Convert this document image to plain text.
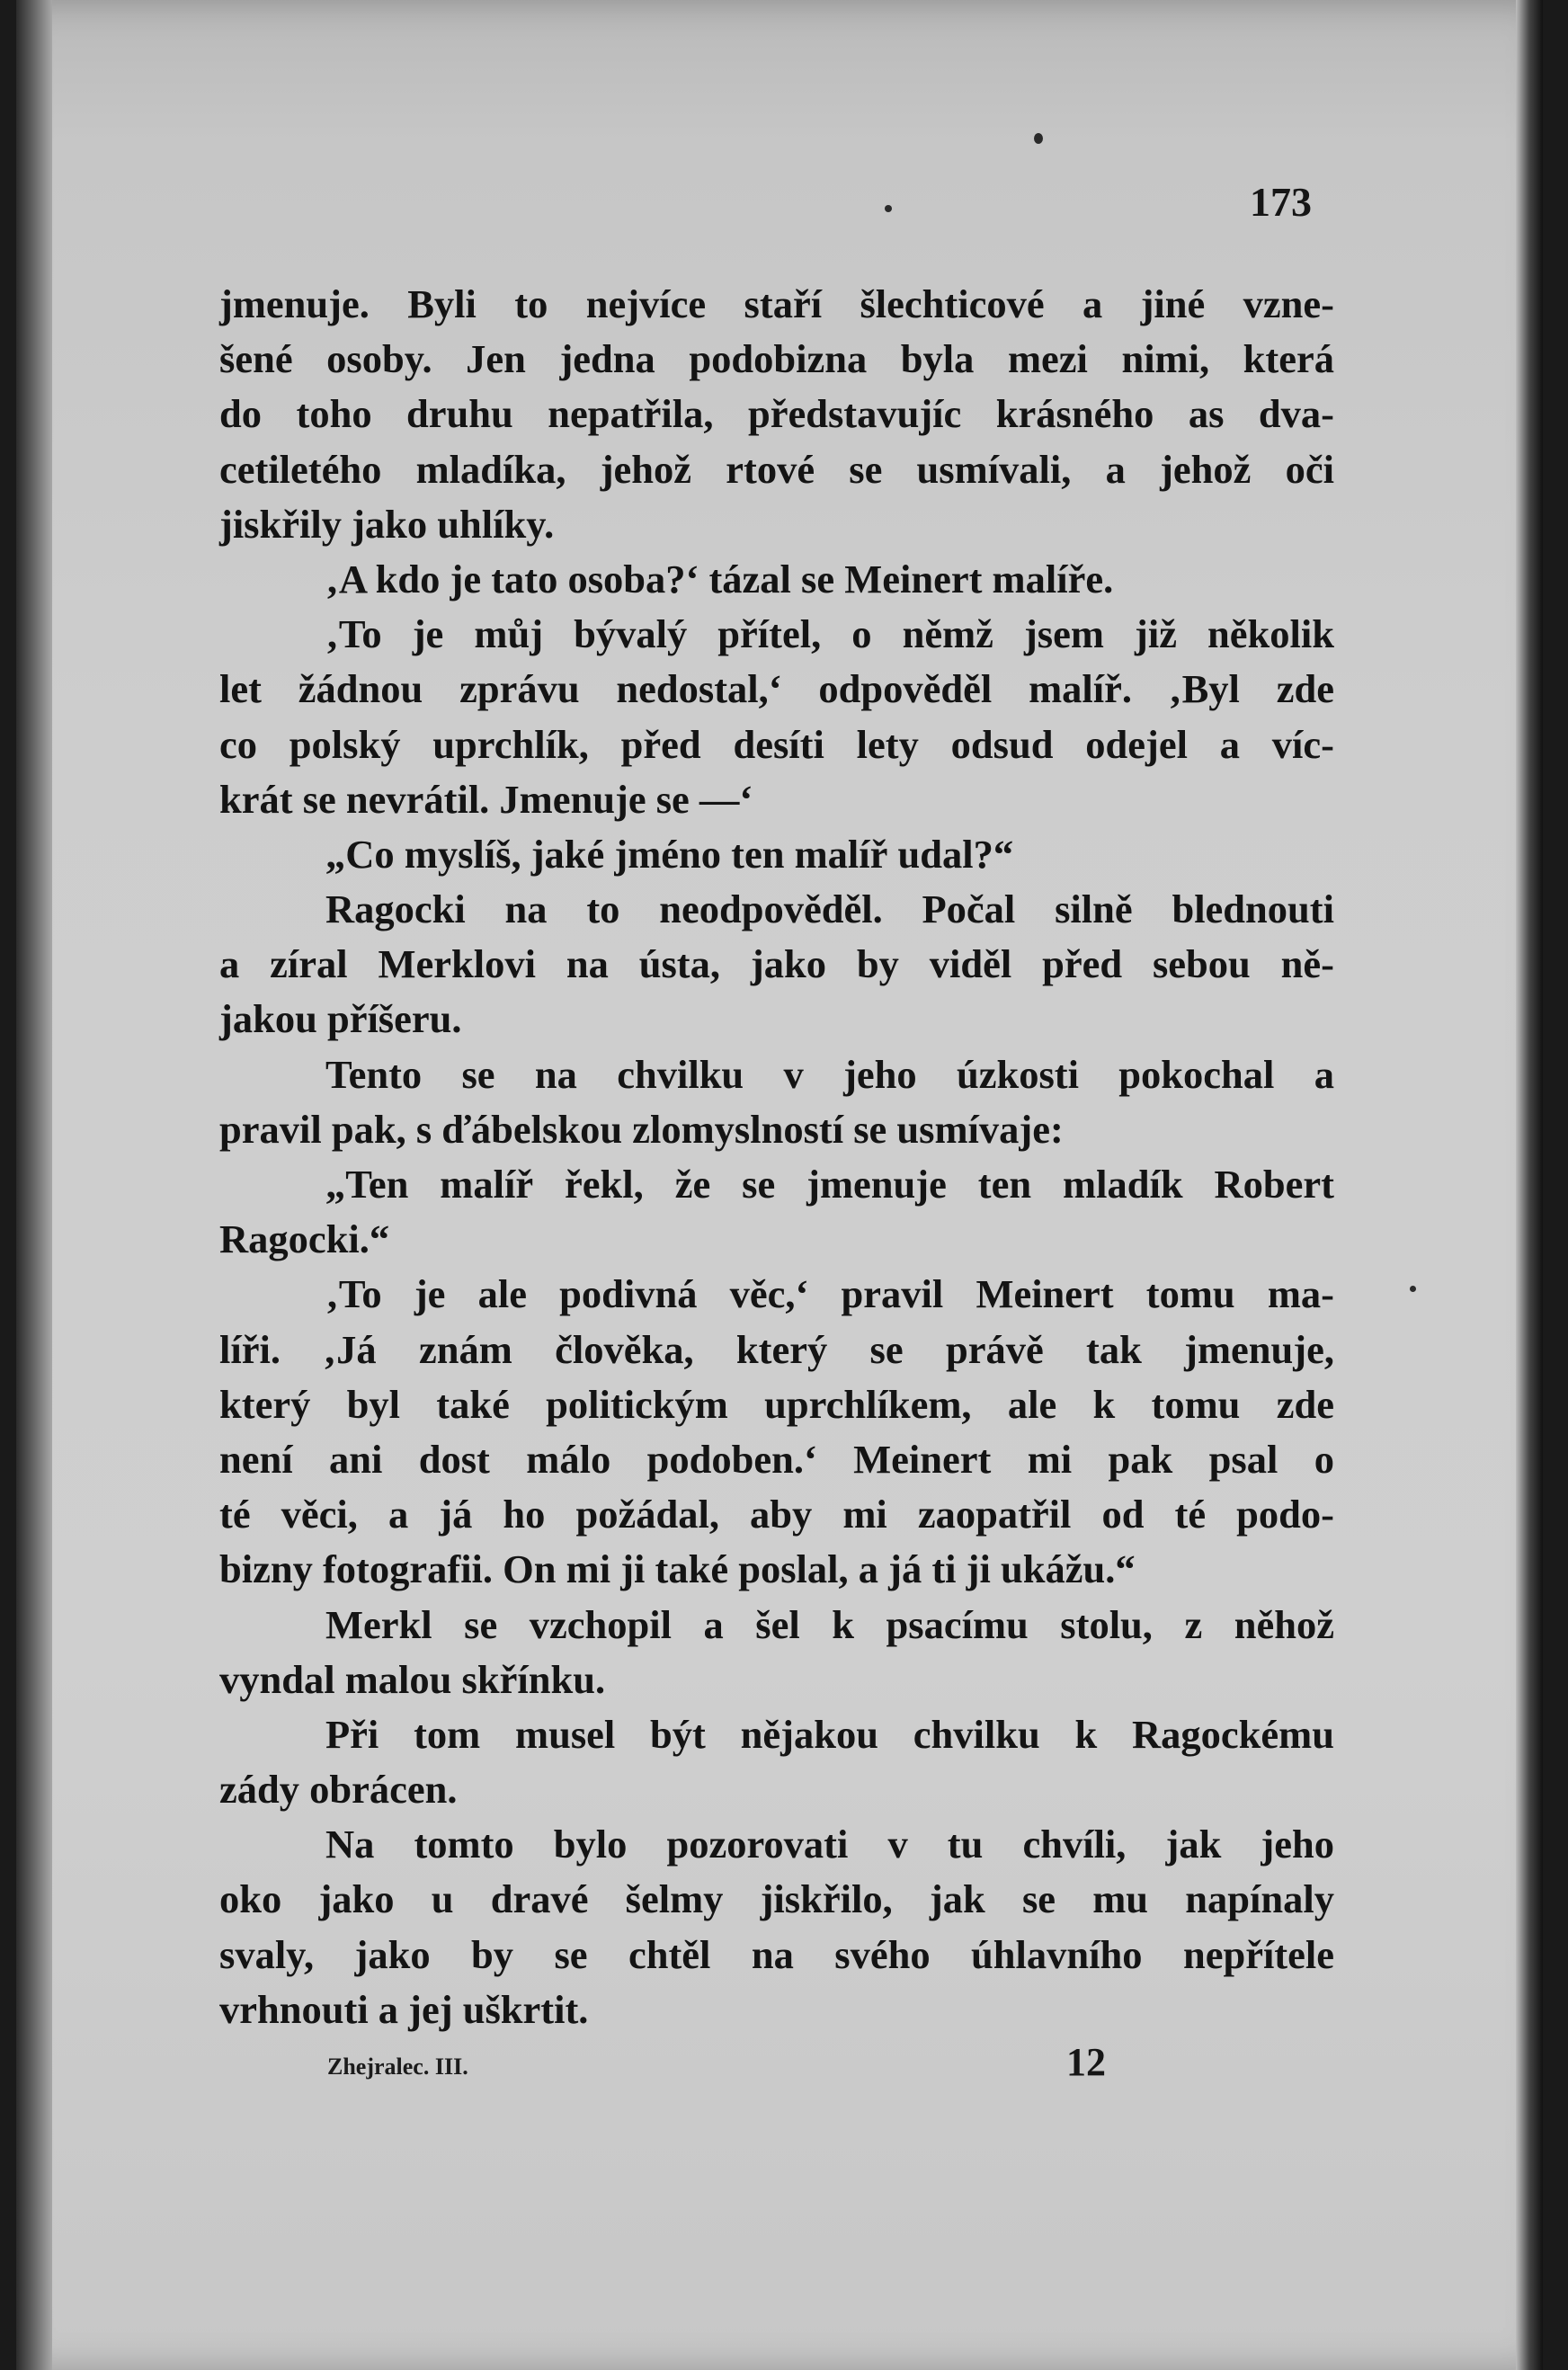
173
jmenuje. Byli to nejvíce staří šlechticové a jiné vzne-
šené osoby. Jen jedna podobizna byla mezi nimi, která
do toho druhu nepatřila, představujíc krásného as dva-
cetiletého mladíka, jehož rtové se usmívali, a jehož oči
jiskřily jako uhlíky.
‚A kdo je tato osoba?‘ tázal se Meinert malíře.
‚To je můj bývalý přítel, o němž jsem již několik
let žádnou zprávu nedostal,‘ odpověděl malíř. ‚Byl zde
co polský uprchlík, před desíti lety odsud odejel a víc-
krát se nevrátil. Jmenuje se —‘
„Co myslíš, jaké jméno ten malíř udal?“
Ragocki na to neodpověděl. Počal silně blednouti
a zíral Merklovi na ústa, jako by viděl před sebou ně-
jakou příšeru.
Tento se na chvilku v jeho úzkosti pokochal a
pravil pak, s ďábelskou zlomyslností se usmívaje:
„Ten malíř řekl, že se jmenuje ten mladík Robert
Ragocki.“
‚To je ale podivná věc,‘ pravil Meinert tomu ma-
líři. ‚Já znám člověka, který se právě tak jmenuje,
který byl také politickým uprchlíkem, ale k tomu zde
není ani dost málo podoben.‘ Meinert mi pak psal o
té věci, a já ho požádal, aby mi zaopatřil od té podo-
bizny fotografii. On mi ji také poslal, a já ti ji ukážu.“
Merkl se vzchopil a šel k psacímu stolu, z něhož
vyndal malou skřínku.
Při tom musel být nějakou chvilku k Ragockému
zády obrácen.
Na tomto bylo pozorovati v tu chvíli, jak jeho
oko jako u dravé šelmy jiskřilo, jak se mu napínaly
svaly, jako by se chtěl na svého úhlavního nepřítele
vrhnouti a jej uškrtit.
Zhejralec. III.	12
